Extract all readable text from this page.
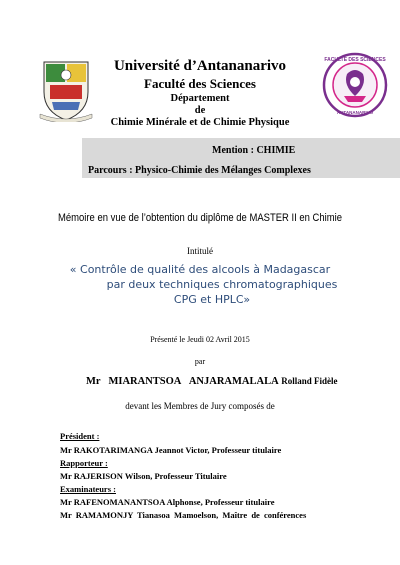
FACULTÉ DES SCIENCES
ANTANANARIVO
Université d’Antananarivo
Faculté des Sciences
Département
de
Chimie Minérale et de Chimie Physique
Mention : CHIMIE
Parcours : Physico-Chimie des Mélanges Complexes
Mémoire en vue de l’obtention du diplôme de MASTER II en Chimie
Intitulé
« Contrôle de qualité des alcools à Madagascar
par deux techniques chromatographiques
CPG et HPLC»
Présenté le Jeudi 02 Avril 2015
par
Mr MIARANTSOA ANJARAMALALA Rolland Fidèle
devant les Membres de Jury composés de
Président :
Mr RAKOTARIMANGA Jeannot Victor, Professeur titulaire
Rapporteur :
Mr RAJERISON Wilson, Professeur Titulaire
Examinateurs :
Mr RAFENOMANANTSOA Alphonse, Professeur titulaire
Mr RAMAMONJY Tianasoa Mamoelson, Maître de conférences
